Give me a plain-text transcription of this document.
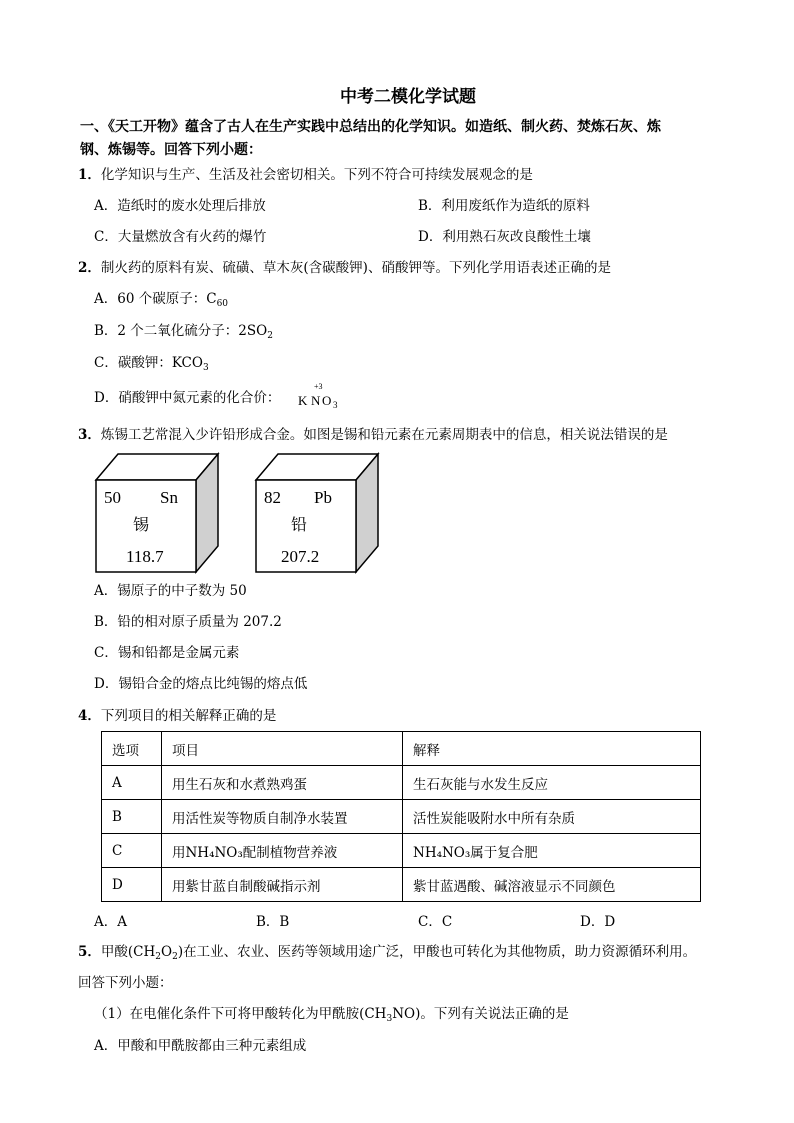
中考二模化学试题
一、《天工开物》蕴含了古人在生产实践中总结出的化学知识。如造纸、制火药、焚炼石灰、炼
钢、炼锡等。回答下列小题：
1．化学知识与生产、生活及社会密切相关。下列不符合可持续发展观念的是
A．造纸时的废水处理后排放	B．利用废纸作为造纸的原料
C．大量燃放含有火药的爆竹	D．利用熟石灰改良酸性土壤
2．制火药的原料有炭、硫磺、草木灰(含碳酸钾)、硝酸钾等。下列化学用语表述正确的是
A．60 个碳原子：$C_{60}$
B．2 个二氧化硫分子：$2SO_2$
C．碳酸钾：$KCO_3$
D．硝酸钾中氮元素的化合价：
+3
K N O 3
3．炼锡工艺常混入少许铅形成合金。如图是锡和铅元素在元素周期表中的信息，相关说法错误的是
50 Sn
锡
118.7
82 Pb
铅
207.2
A．锡原子的中子数为 50
B．铅的相对原子质量为 207.2
C．锡和铅都是金属元素
D．锡铅合金的熔点比纯锡的熔点低
4．下列项目的相关解释正确的是
选项	项目	解释
A	用生石灰和水煮熟鸡蛋	生石灰能与水发生反应
B	用活性炭等物质自制净水装置	活性炭能吸附水中所有杂质
C	用NH₄NO₃配制植物营养液	NH₄NO₃属于复合肥
D	用紫甘蓝自制酸碱指示剂	紫甘蓝遇酸、碱溶液显示不同颜色
A．A	B．B	C．C	D．D
5．甲酸$(CH_2O_2)$在工业、农业、医药等领域用途广泛，甲酸也可转化为其他物质，助力资源循环利用。
回答下列小题：
（1）在电催化条件下可将甲酸转化为甲酰胺$(CH_3NO)$。下列有关说法正确的是
A．甲酸和甲酰胺都由三种元素组成
